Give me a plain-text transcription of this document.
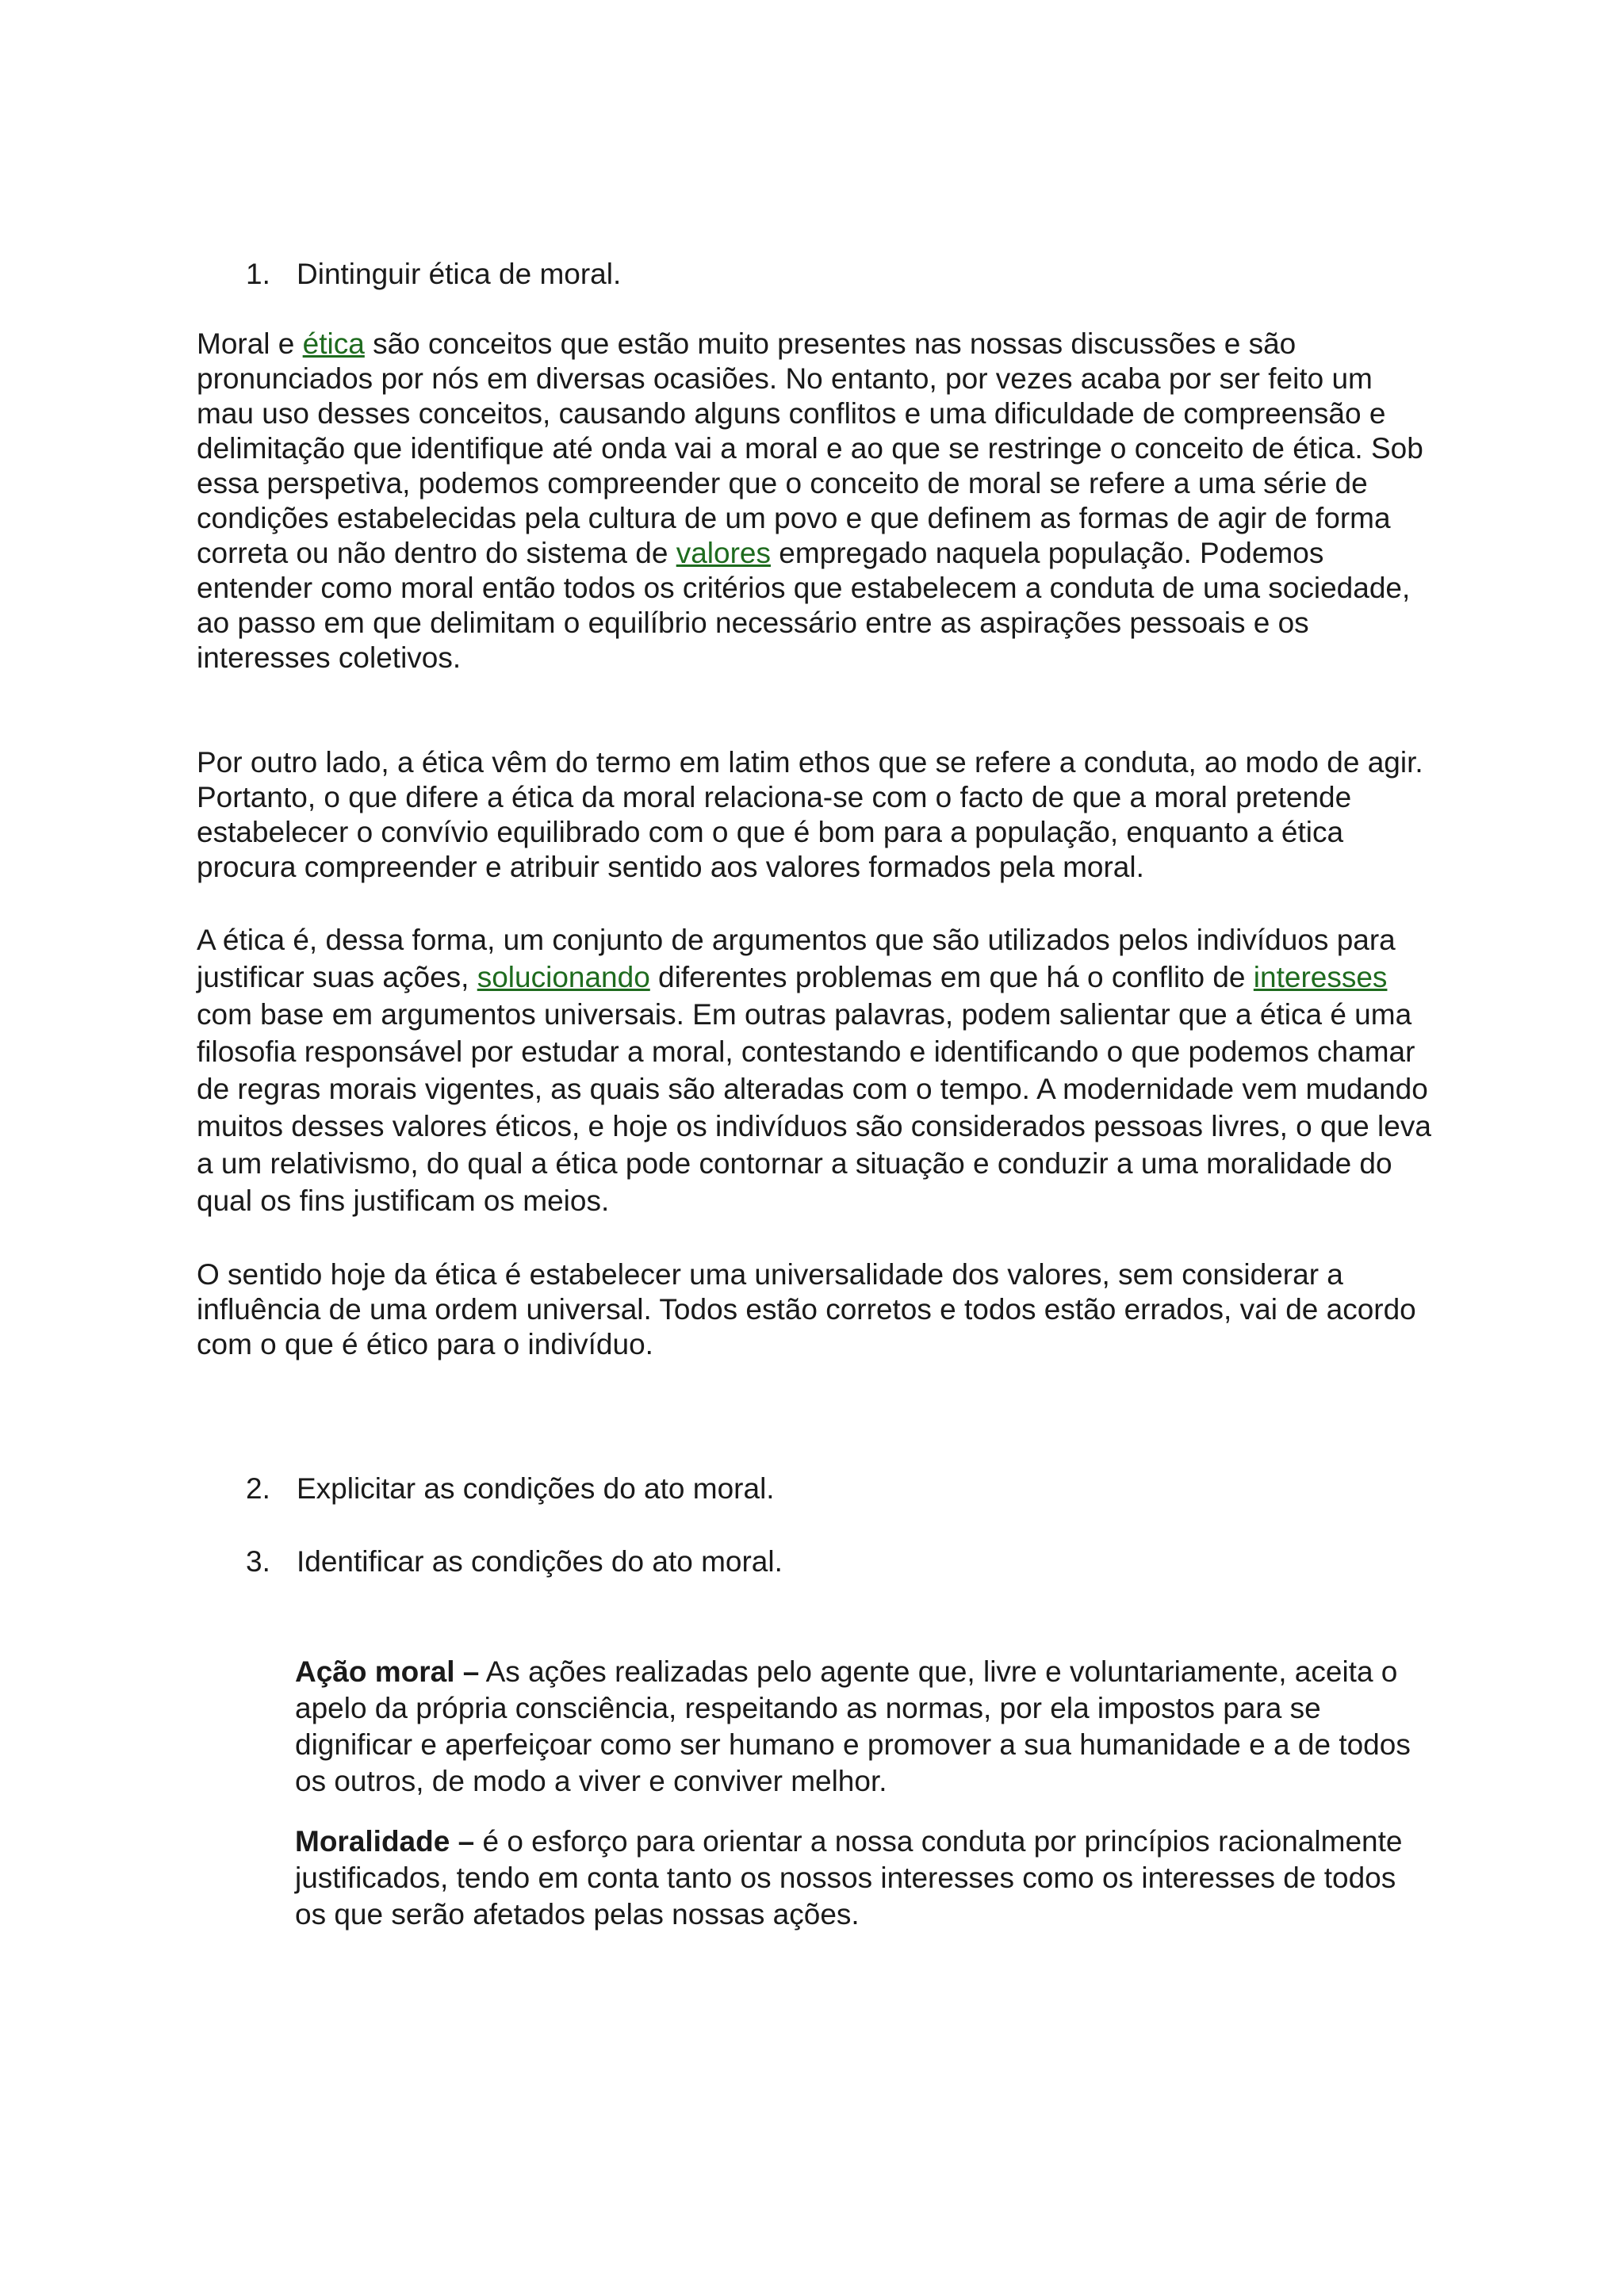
1. Dintinguir ética de moral.

Moral e ética são conceitos que estão muito presentes nas nossas discussões e são pronunciados por nós em diversas ocasiões. No entanto, por vezes acaba por ser feito um mau uso desses conceitos, causando alguns conflitos e uma dificuldade de compreensão e delimitação que identifique até onda vai a moral e ao que se restringe o conceito de ética. Sob essa perspetiva, podemos compreender que o conceito de moral se refere a uma série de condições estabelecidas pela cultura de um povo e que definem as formas de agir de forma correta ou não dentro do sistema de valores empregado naquela população. Podemos entender como moral então todos os critérios que estabelecem a conduta de uma sociedade, ao passo em que delimitam o equilíbrio necessário entre as aspirações pessoais e os interesses coletivos.

Por outro lado, a ética vêm do termo em latim ethos que se refere a conduta, ao modo de agir. Portanto, o que difere a ética da moral relaciona-se com o facto de que a moral pretende estabelecer o convívio equilibrado com o que é bom para a população, enquanto a ética procura compreender e atribuir sentido aos valores formados pela moral.

A ética é, dessa forma, um conjunto de argumentos que são utilizados pelos indivíduos para justificar suas ações, solucionando diferentes problemas em que há o conflito de interesses com base em argumentos universais. Em outras palavras, podem salientar que a ética é uma filosofia responsável por estudar a moral, contestando e identificando o que podemos chamar de regras morais vigentes, as quais são alteradas com o tempo. A modernidade vem mudando muitos desses valores éticos, e hoje os indivíduos são considerados pessoas livres, o que leva a um relativismo, do qual a ética pode contornar a situação e conduzir a uma moralidade do qual os fins justificam os meios.

O sentido hoje da ética é estabelecer uma universalidade dos valores, sem considerar a influência de uma ordem universal. Todos estão corretos e todos estão errados, vai de acordo com o que é ético para o indivíduo.

2. Explicitar as condições do ato moral.

3. Identificar as condições do ato moral.

Ação moral – As ações realizadas pelo agente que, livre e voluntariamente, aceita o apelo da própria consciência, respeitando as normas, por ela impostos para se dignificar e aperfeiçoar como ser humano e promover a sua humanidade e a de todos os outros, de modo a viver e conviver melhor.

Moralidade – é o esforço para orientar a nossa conduta por princípios racionalmente justificados, tendo em conta tanto os nossos interesses como os interesses de todos os que serão afetados pelas nossas ações.
